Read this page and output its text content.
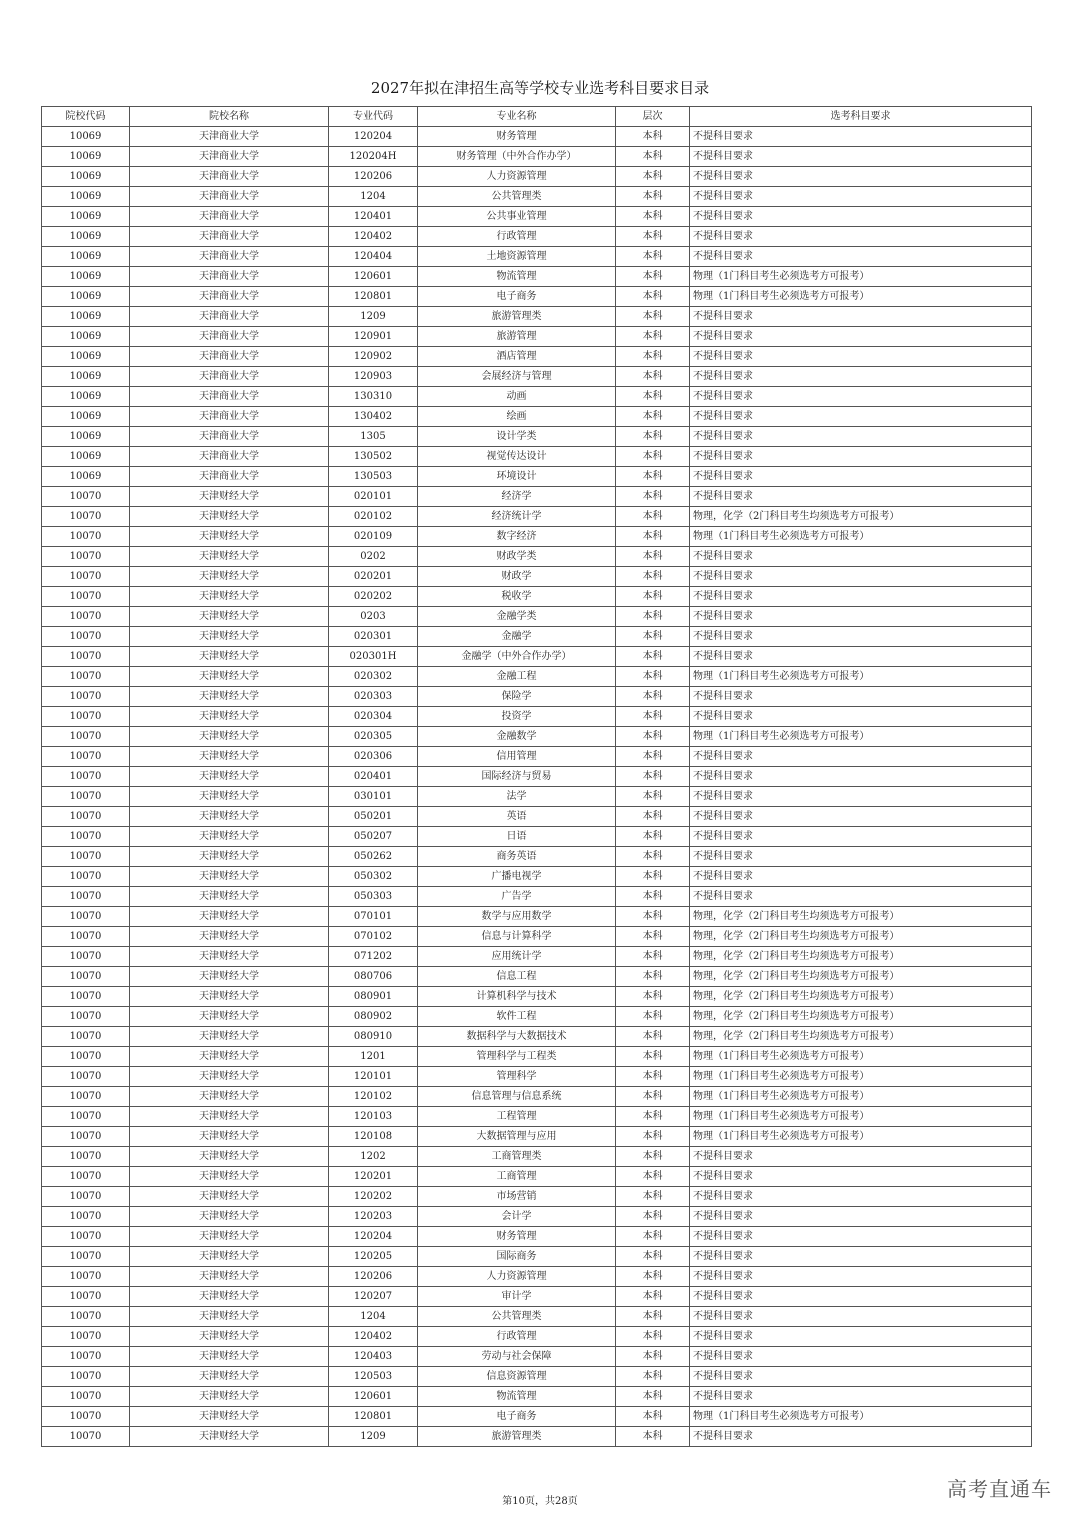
2027年拟在津招生高等学校专业选考科目要求目录
院校代码	院校名称	专业代码	专业名称	层次	选考科目要求
10069	天津商业大学	120204	财务管理	本科	不提科目要求
10069	天津商业大学	120204H	财务管理（中外合作办学）	本科	不提科目要求
10069	天津商业大学	120206	人力资源管理	本科	不提科目要求
10069	天津商业大学	1204	公共管理类	本科	不提科目要求
10069	天津商业大学	120401	公共事业管理	本科	不提科目要求
10069	天津商业大学	120402	行政管理	本科	不提科目要求
10069	天津商业大学	120404	土地资源管理	本科	不提科目要求
10069	天津商业大学	120601	物流管理	本科	物理（1门科目考生必须选考方可报考）
10069	天津商业大学	120801	电子商务	本科	物理（1门科目考生必须选考方可报考）
10069	天津商业大学	1209	旅游管理类	本科	不提科目要求
10069	天津商业大学	120901	旅游管理	本科	不提科目要求
10069	天津商业大学	120902	酒店管理	本科	不提科目要求
10069	天津商业大学	120903	会展经济与管理	本科	不提科目要求
10069	天津商业大学	130310	动画	本科	不提科目要求
10069	天津商业大学	130402	绘画	本科	不提科目要求
10069	天津商业大学	1305	设计学类	本科	不提科目要求
10069	天津商业大学	130502	视觉传达设计	本科	不提科目要求
10069	天津商业大学	130503	环境设计	本科	不提科目要求
10070	天津财经大学	020101	经济学	本科	不提科目要求
10070	天津财经大学	020102	经济统计学	本科	物理，化学（2门科目考生均须选考方可报考）
10070	天津财经大学	020109	数字经济	本科	物理（1门科目考生必须选考方可报考）
10070	天津财经大学	0202	财政学类	本科	不提科目要求
10070	天津财经大学	020201	财政学	本科	不提科目要求
10070	天津财经大学	020202	税收学	本科	不提科目要求
10070	天津财经大学	0203	金融学类	本科	不提科目要求
10070	天津财经大学	020301	金融学	本科	不提科目要求
10070	天津财经大学	020301H	金融学（中外合作办学）	本科	不提科目要求
10070	天津财经大学	020302	金融工程	本科	物理（1门科目考生必须选考方可报考）
10070	天津财经大学	020303	保险学	本科	不提科目要求
10070	天津财经大学	020304	投资学	本科	不提科目要求
10070	天津财经大学	020305	金融数学	本科	物理（1门科目考生必须选考方可报考）
10070	天津财经大学	020306	信用管理	本科	不提科目要求
10070	天津财经大学	020401	国际经济与贸易	本科	不提科目要求
10070	天津财经大学	030101	法学	本科	不提科目要求
10070	天津财经大学	050201	英语	本科	不提科目要求
10070	天津财经大学	050207	日语	本科	不提科目要求
10070	天津财经大学	050262	商务英语	本科	不提科目要求
10070	天津财经大学	050302	广播电视学	本科	不提科目要求
10070	天津财经大学	050303	广告学	本科	不提科目要求
10070	天津财经大学	070101	数学与应用数学	本科	物理，化学（2门科目考生均须选考方可报考）
10070	天津财经大学	070102	信息与计算科学	本科	物理，化学（2门科目考生均须选考方可报考）
10070	天津财经大学	071202	应用统计学	本科	物理，化学（2门科目考生均须选考方可报考）
10070	天津财经大学	080706	信息工程	本科	物理，化学（2门科目考生均须选考方可报考）
10070	天津财经大学	080901	计算机科学与技术	本科	物理，化学（2门科目考生均须选考方可报考）
10070	天津财经大学	080902	软件工程	本科	物理，化学（2门科目考生均须选考方可报考）
10070	天津财经大学	080910	数据科学与大数据技术	本科	物理，化学（2门科目考生均须选考方可报考）
10070	天津财经大学	1201	管理科学与工程类	本科	物理（1门科目考生必须选考方可报考）
10070	天津财经大学	120101	管理科学	本科	物理（1门科目考生必须选考方可报考）
10070	天津财经大学	120102	信息管理与信息系统	本科	物理（1门科目考生必须选考方可报考）
10070	天津财经大学	120103	工程管理	本科	物理（1门科目考生必须选考方可报考）
10070	天津财经大学	120108	大数据管理与应用	本科	物理（1门科目考生必须选考方可报考）
10070	天津财经大学	1202	工商管理类	本科	不提科目要求
10070	天津财经大学	120201	工商管理	本科	不提科目要求
10070	天津财经大学	120202	市场营销	本科	不提科目要求
10070	天津财经大学	120203	会计学	本科	不提科目要求
10070	天津财经大学	120204	财务管理	本科	不提科目要求
10070	天津财经大学	120205	国际商务	本科	不提科目要求
10070	天津财经大学	120206	人力资源管理	本科	不提科目要求
10070	天津财经大学	120207	审计学	本科	不提科目要求
10070	天津财经大学	1204	公共管理类	本科	不提科目要求
10070	天津财经大学	120402	行政管理	本科	不提科目要求
10070	天津财经大学	120403	劳动与社会保障	本科	不提科目要求
10070	天津财经大学	120503	信息资源管理	本科	不提科目要求
10070	天津财经大学	120601	物流管理	本科	不提科目要求
10070	天津财经大学	120801	电子商务	本科	物理（1门科目考生必须选考方可报考）
10070	天津财经大学	1209	旅游管理类	本科	不提科目要求
第10页，共28页
高考直通车
